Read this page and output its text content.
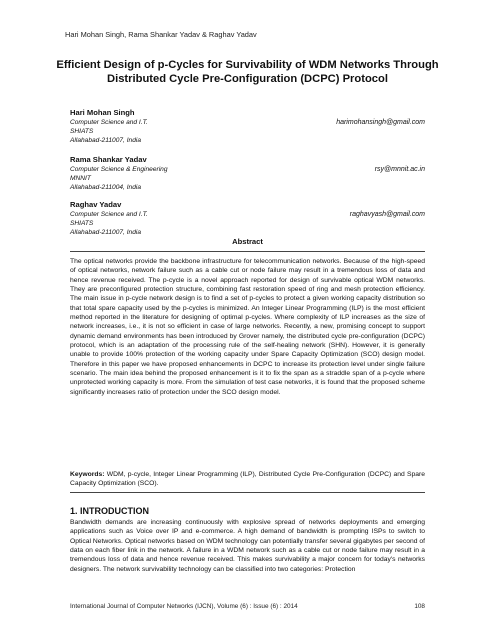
Hari Mohan Singh, Rama Shankar Yadav & Raghav Yadav
Efficient Design of p-Cycles for Survivability of WDM Networks Through Distributed Cycle Pre-Configuration (DCPC) Protocol
Hari Mohan Singh
Computer Science and I.T.
SHIATS
Allahabad-211007, India
harimohansingh@gmail.com
Rama Shankar Yadav
Computer Science & Engineering
MNNIT
Allahabad-211004, India
rsy@mnnit.ac.in
Raghav Yadav
Computer Science and I.T.
SHIATS
Allahabad-211007, India
raghavyash@gmail.com
Abstract
The optical networks provide the backbone infrastructure for telecommunication networks. Because of the high-speed of optical networks, network failure such as a cable cut or node failure may result in a tremendous loss of data and hence revenue received. The p-cycle is a novel approach reported for design of survivable optical WDM networks. They are preconfigured protection structure, combining fast restoration speed of ring and mesh protection efficiency. The main issue in p-cycle network design is to find a set of p-cycles to protect a given working capacity distribution so that total spare capacity used by the p-cycles is minimized. An Integer Linear Programming (ILP) is the most efficient method reported in the literature for designing of optimal p-cycles. Where complexity of ILP increases as the size of network increases, i.e., it is not so efficient in case of large networks. Recently, a new, promising concept to support dynamic demand environments has been introduced by Grover namely, the distributed cycle pre-configuration (DCPC) protocol, which is an adaptation of the processing rule of the self-healing network (SHN). However, it is generally unable to provide 100% protection of the working capacity under Spare Capacity Optimization (SCO) design model. Therefore in this paper we have proposed enhancements in DCPC to increase its protection level under single failure scenario. The main idea behind the proposed enhancement is it to fix the span as a straddle span of a p-cycle where unprotected working capacity is more. From the simulation of test case networks, it is found that the proposed scheme significantly increases ratio of protection under the SCO design model.
Keywords: WDM, p-cycle, Integer Linear Programming (ILP), Distributed Cycle Pre-Configuration (DCPC) and Spare Capacity Optimization (SCO).
1. INTRODUCTION
Bandwidth demands are increasing continuously with explosive spread of networks deployments and emerging applications such as Voice over IP and e-commerce. A high demand of bandwidth is prompting ISPs to switch to Optical Networks. Optical networks based on WDM technology can potentially transfer several gigabytes per second of data on each fiber link in the network. A failure in a WDM network such as a cable cut or node failure may result in a tremendous loss of data and hence revenue received. This makes survivability a major concern for today's networks designers. The network survivability technology can be classified into two categories: Protection
International Journal of Computer Networks (IJCN), Volume (6) : Issue (6) : 2014	108
